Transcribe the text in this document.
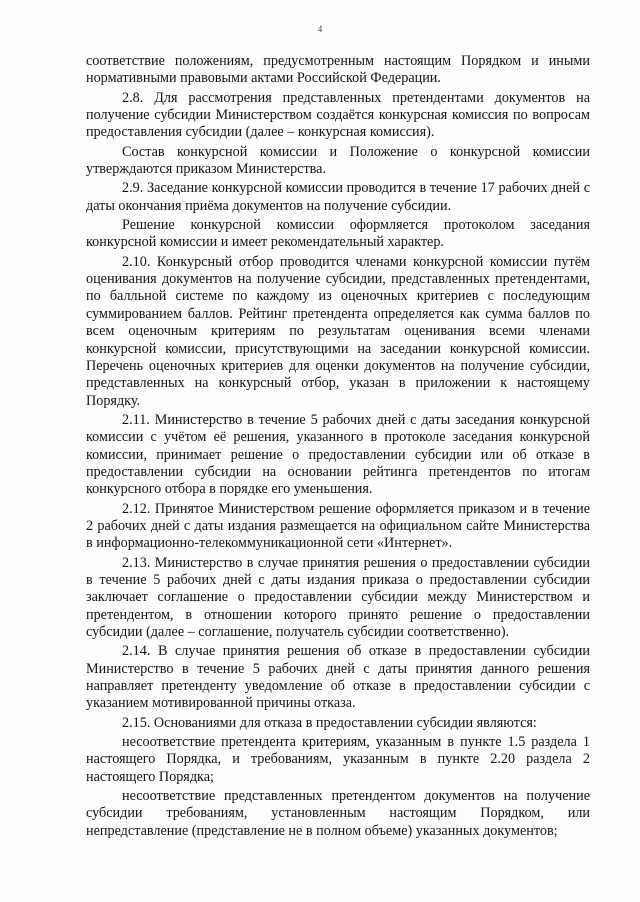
4

соответствие положениям, предусмотренным настоящим Порядком и иными нормативными правовыми актами Российской Федерации.

2.8. Для рассмотрения представленных претендентами документов на получение субсидии Министерством создаётся конкурсная комиссия по вопросам предоставления субсидии (далее – конкурсная комиссия).

Состав конкурсной комиссии и Положение о конкурсной комиссии утверждаются приказом Министерства.

2.9. Заседание конкурсной комиссии проводится в течение 17 рабочих дней с даты окончания приёма документов на получение субсидии.

Решение конкурсной комиссии оформляется протоколом заседания конкурсной комиссии и имеет рекомендательный характер.

2.10. Конкурсный отбор проводится членами конкурсной комиссии путём оценивания документов на получение субсидии, представленных претендентами, по балльной системе по каждому из оценочных критериев с последующим суммированием баллов. Рейтинг претендента определяется как сумма баллов по всем оценочным критериям по результатам оценивания всеми членами конкурсной комиссии, присутствующими на заседании конкурсной комиссии. Перечень оценочных критериев для оценки документов на получение субсидии, представленных на конкурсный отбор, указан в приложении к настоящему Порядку.

2.11. Министерство в течение 5 рабочих дней с даты заседания конкурсной комиссии с учётом её решения, указанного в протоколе заседания конкурсной комиссии, принимает решение о предоставлении субсидии или об отказе в предоставлении субсидии на основании рейтинга претендентов по итогам конкурсного отбора в порядке его уменьшения.

2.12. Принятое Министерством решение оформляется приказом и в течение 2 рабочих дней с даты издания размещается на официальном сайте Министерства в информационно-телекоммуникационной сети «Интернет».

2.13. Министерство в случае принятия решения о предоставлении субсидии в течение 5 рабочих дней с даты издания приказа о предоставлении субсидии заключает соглашение о предоставлении субсидии между Министерством и претендентом, в отношении которого принято решение о предоставлении субсидии (далее – соглашение, получатель субсидии соответственно).

2.14. В случае принятия решения об отказе в предоставлении субсидии Министерство в течение 5 рабочих дней с даты принятия данного решения направляет претенденту уведомление об отказе в предоставлении субсидии с указанием мотивированной причины отказа.

2.15. Основаниями для отказа в предоставлении субсидии являются:

несоответствие претендента критериям, указанным в пункте 1.5 раздела 1 настоящего Порядка, и требованиям, указанным в пункте 2.20 раздела 2 настоящего Порядка;

несоответствие представленных претендентом документов на получение субсидии требованиям, установленным настоящим Порядком, или непредставление (представление не в полном объеме) указанных документов;
